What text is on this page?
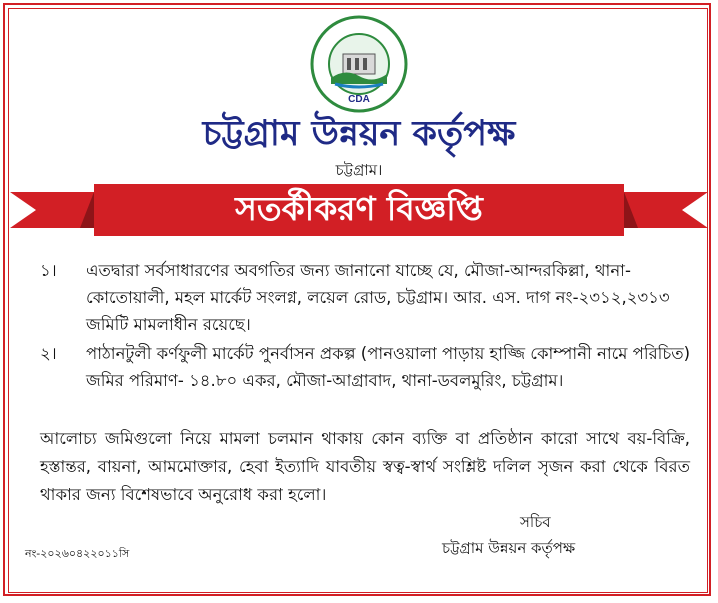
CDA
চট্টগ্রাম উন্নয়ন কর্তৃপক্ষ
চট্টগ্রাম।
সতর্কীকরণ বিজ্ঞপ্তি
১।	এতদ্বারা সর্বসাধারণের অবগতির জন্য জানানো যাচ্ছে যে, মৌজা-আন্দরকিল্লা, থানা-কোতোয়ালী, মহল মার্কেট সংলগ্ন, লয়েল রোড, চট্টগ্রাম। আর. এস. দাগ নং-২৩১২,২৩১৩ জমিটি মামলাধীন রয়েছে।
২।	পাঠানটুলী কর্ণফুলী মার্কেট পুনর্বাসন প্রকল্প (পানওয়ালা পাড়ায় হাজ্জি কোম্পানী নামে পরিচিত) জমির পরিমাণ- ১৪.৮০ একর, মৌজা-আগ্রাবাদ, থানা-ডবলমুরিং, চট্টগ্রাম।
আলোচ্য জমিগুলো নিয়ে মামলা চলমান থাকায় কোন ব্যক্তি বা প্রতিষ্ঠান কারো সাথে বয়-বিক্রি, হস্তান্তর, বায়না, আমমোক্তার, হেবা ইত্যাদি যাবতীয় স্বত্ব-স্বার্থ সংশ্লিষ্ট দলিল সৃজন করা থেকে বিরত থাকার জন্য বিশেষভাবে অনুরোধ করা হলো।
সচিব
চট্টগ্রাম উন্নয়ন কর্তৃপক্ষ
নং-২০২৬০৪২২০১১সি
